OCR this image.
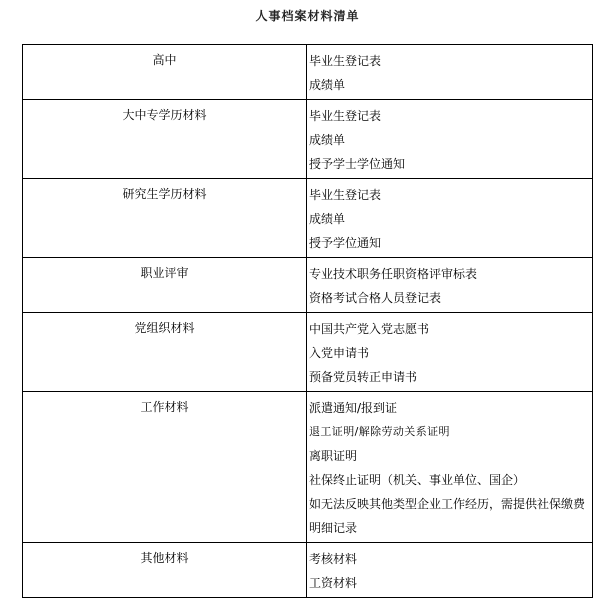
人事档案材料清单
高中	毕业生登记表
成绩单

大中专学历材料	毕业生登记表
成绩单
授予学士学位通知

研究生学历材料	毕业生登记表
成绩单
授予学位通知

职业评审	专业技术职务任职资格评审标表
资格考试合格人员登记表

党组织材料	中国共产党入党志愿书
入党申请书
预备党员转正申请书

工作材料	派遣通知/报到证
退工证明/解除劳动关系证明
离职证明
社保终止证明（机关、事业单位、国企）
如无法反映其他类型企业工作经历，需提供社保缴费明细记录

其他材料	考核材料
工资材料
